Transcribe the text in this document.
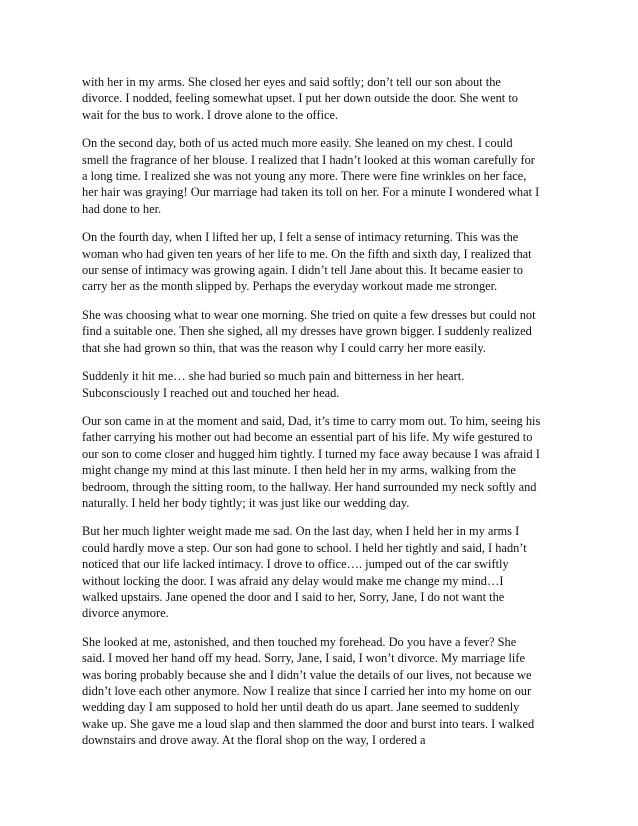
with her in my arms. She closed her eyes and said softly; don’t tell our son about the divorce. I nodded, feeling somewhat upset. I put her down outside the door. She went to wait for the bus to work. I drove alone to the office.

On the second day, both of us acted much more easily. She leaned on my chest. I could smell the fragrance of her blouse. I realized that I hadn’t looked at this woman carefully for a long time. I realized she was not young any more. There were fine wrinkles on her face, her hair was graying! Our marriage had taken its toll on her. For a minute I wondered what I had done to her.

On the fourth day, when I lifted her up, I felt a sense of intimacy returning. This was the woman who had given ten years of her life to me. On the fifth and sixth day, I realized that our sense of intimacy was growing again. I didn’t tell Jane about this. It became easier to carry her as the month slipped by. Perhaps the everyday workout made me stronger.

She was choosing what to wear one morning. She tried on quite a few dresses but could not find a suitable one. Then she sighed, all my dresses have grown bigger. I suddenly realized that she had grown so thin, that was the reason why I could carry her more easily.

Suddenly it hit me… she had buried so much pain and bitterness in her heart. Subconsciously I reached out and touched her head.

Our son came in at the moment and said, Dad, it’s time to carry mom out. To him, seeing his father carrying his mother out had become an essential part of his life. My wife gestured to our son to come closer and hugged him tightly. I turned my face away because I was afraid I might change my mind at this last minute. I then held her in my arms, walking from the bedroom, through the sitting room, to the hallway. Her hand surrounded my neck softly and naturally. I held her body tightly; it was just like our wedding day.

But her much lighter weight made me sad. On the last day, when I held her in my arms I could hardly move a step. Our son had gone to school. I held her tightly and said, I hadn’t noticed that our life lacked intimacy. I drove to office…. jumped out of the car swiftly without locking the door. I was afraid any delay would make me change my mind…I walked upstairs. Jane opened the door and I said to her, Sorry, Jane, I do not want the divorce anymore.

She looked at me, astonished, and then touched my forehead. Do you have a fever? She said. I moved her hand off my head. Sorry, Jane, I said, I won’t divorce. My marriage life was boring probably because she and I didn’t value the details of our lives, not because we didn’t love each other anymore. Now I realize that since I carried her into my home on our wedding day I am supposed to hold her until death do us apart. Jane seemed to suddenly wake up. She gave me a loud slap and then slammed the door and burst into tears. I walked downstairs and drove away. At the floral shop on the way, I ordered a
